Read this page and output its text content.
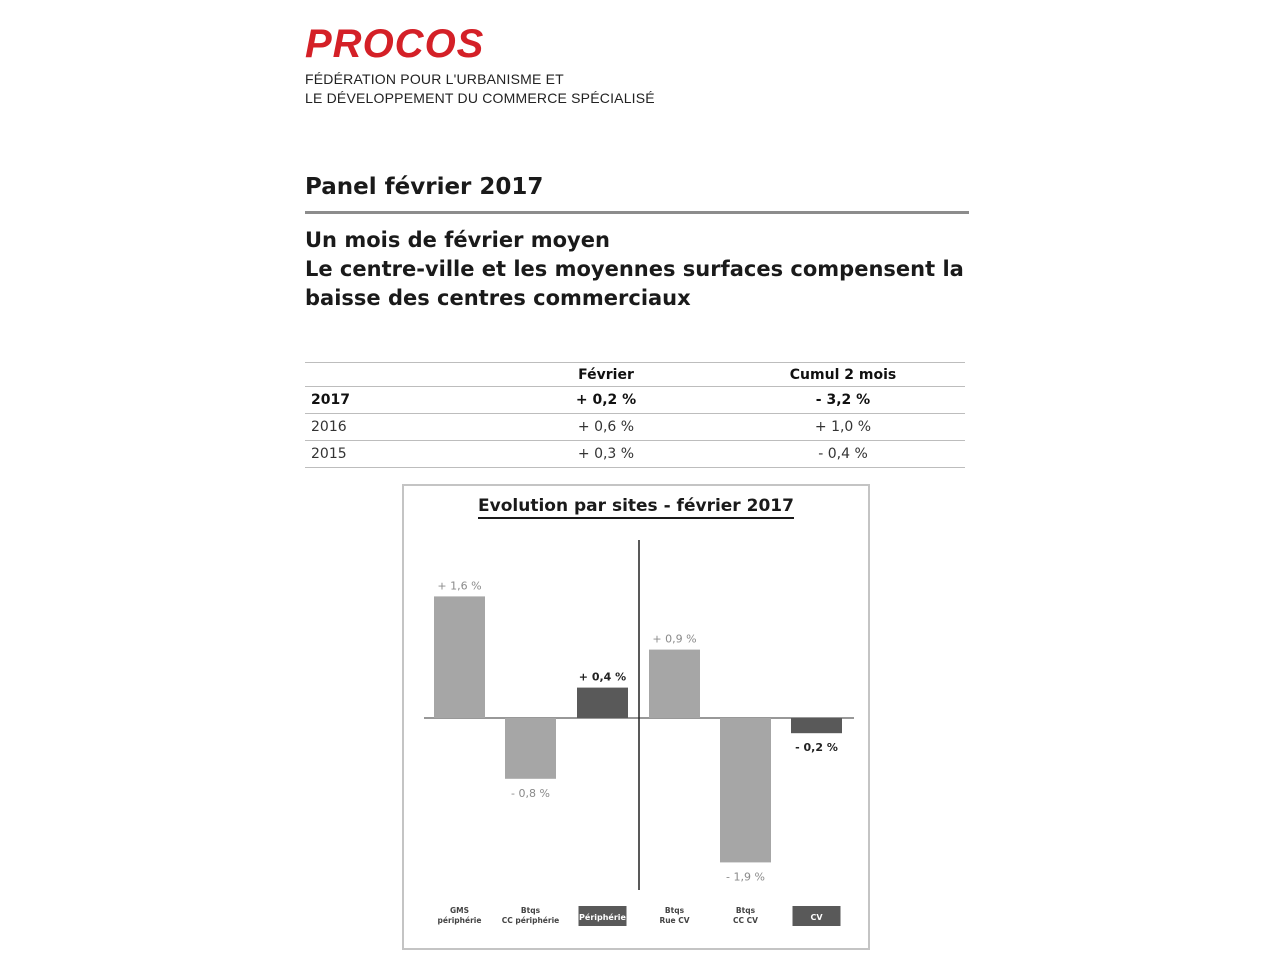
PROCOS
FÉDÉRATION POUR L'URBANISME ET
LE DÉVELOPPEMENT DU COMMERCE SPÉCIALISÉ
Panel février 2017
Un mois de février moyen
Le centre-ville et les moyennes surfaces compensent la
baisse des centres commerciaux
	Février	Cumul 2 mois
2017	+ 0,2 %	- 3,2 %
2016	+ 0,6 %	+ 1,0 %
2015	+ 0,3 %	- 0,4 %
Evolution par sites - février 2017
+ 1,6 %
GMS
périphérie
- 0,8 %
Btqs
CC périphérie
+ 0,4 %
Périphérie
+ 0,9 %
Btqs
Rue CV
- 1,9 %
Btqs
CC CV
- 0,2 %
CV
